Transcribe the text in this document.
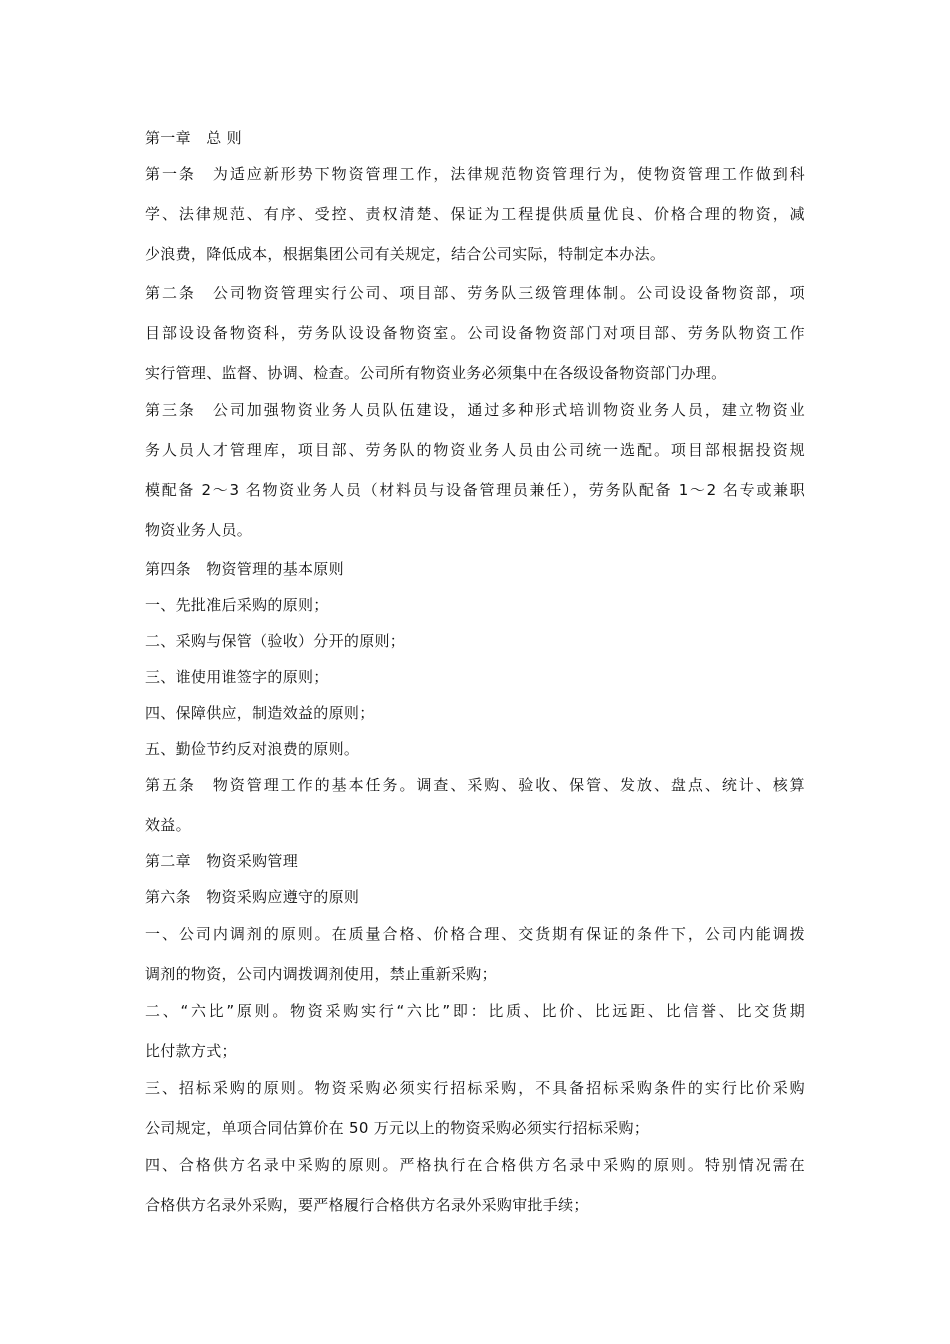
第一章　总 则
第一条　为适应新形势下物资管理工作，法律规范物资管理行为，使物资管理工作做到科
学、法律规范、有序、受控、责权清楚、保证为工程提供质量优良、价格合理的物资，减
少浪费，降低成本，根据集团公司有关规定，结合公司实际，特制定本办法。
第二条　公司物资管理实行公司、项目部、劳务队三级管理体制。公司设设备物资部，项
目部设设备物资科，劳务队设设备物资室。公司设备物资部门对项目部、劳务队物资工作
实行管理、监督、协调、检查。公司所有物资业务必须集中在各级设备物资部门办理。
第三条　公司加强物资业务人员队伍建设，通过多种形式培训物资业务人员，建立物资业
务人员人才管理库，项目部、劳务队的物资业务人员由公司统一选配。项目部根据投资规
模配备 2～3 名物资业务人员（材料员与设备管理员兼任），劳务队配备 1～2 名专或兼职
物资业务人员。
第四条　物资管理的基本原则
一、先批准后采购的原则；
二、采购与保管（验收）分开的原则；
三、谁使用谁签字的原则；
四、保障供应，制造效益的原则；
五、勤俭节约反对浪费的原则。
第五条　物资管理工作的基本任务。调查、采购、验收、保管、发放、盘点、统计、核算
效益。
第二章　物资采购管理
第六条　物资采购应遵守的原则
一、公司内调剂的原则。在质量合格、价格合理、交货期有保证的条件下，公司内能调拨
调剂的物资，公司内调拨调剂使用，禁止重新采购；
二、“六比”原则。物资采购实行“六比”即：比质、比价、比远距、比信誉、比交货期
比付款方式；
三、招标采购的原则。物资采购必须实行招标采购，不具备招标采购条件的实行比价采购
公司规定，单项合同估算价在 50 万元以上的物资采购必须实行招标采购；
四、合格供方名录中采购的原则。严格执行在合格供方名录中采购的原则。特别情况需在
合格供方名录外采购，要严格履行合格供方名录外采购审批手续；
